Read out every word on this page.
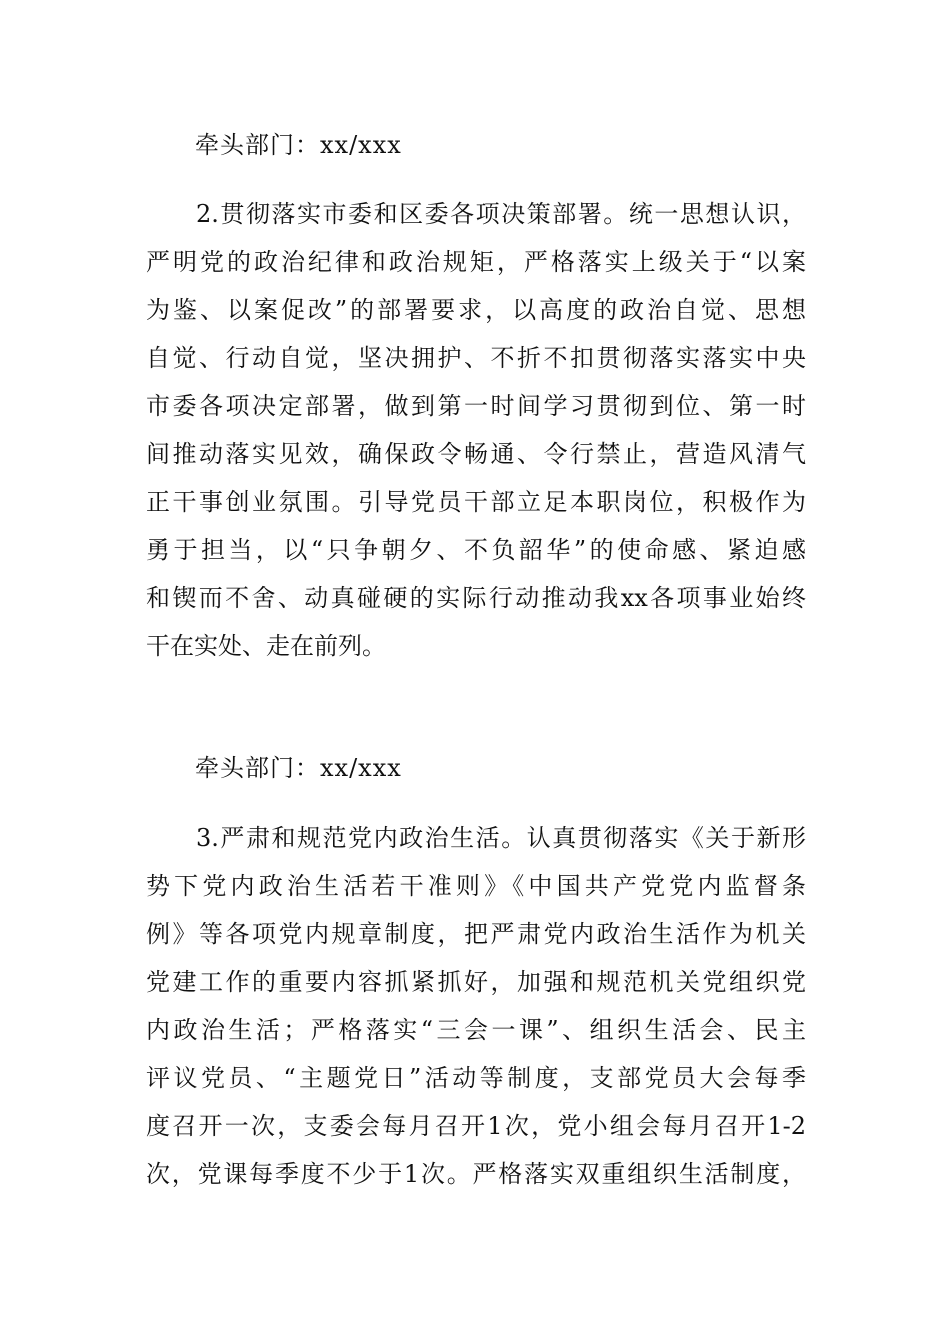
牵头部门：xx/xxx
2.贯彻落实市委和区委各项决策部署。统一思想认识，
严明党的政治纪律和政治规矩，严格落实上级关于“以案
为鉴、以案促改”的部署要求，以高度的政治自觉、思想
自觉、行动自觉，坚决拥护、不折不扣贯彻落实落实中央
市委各项决定部署，做到第一时间学习贯彻到位、第一时
间推动落实见效，确保政令畅通、令行禁止，营造风清气
正干事创业氛围。引导党员干部立足本职岗位，积极作为
勇于担当，以“只争朝夕、不负韶华”的使命感、紧迫感
和锲而不舍、动真碰硬的实际行动推动我xx各项事业始终
干在实处、走在前列。
牵头部门：xx/xxx
3.严肃和规范党内政治生活。认真贯彻落实《关于新形
势下党内政治生活若干准则》《中国共产党党内监督条
例》等各项党内规章制度，把严肃党内政治生活作为机关
党建工作的重要内容抓紧抓好，加强和规范机关党组织党
内政治生活；严格落实“三会一课”、组织生活会、民主
评议党员、“主题党日”活动等制度，支部党员大会每季
度召开一次，支委会每月召开1次，党小组会每月召开1-2
次，党课每季度不少于1次。严格落实双重组织生活制度，
